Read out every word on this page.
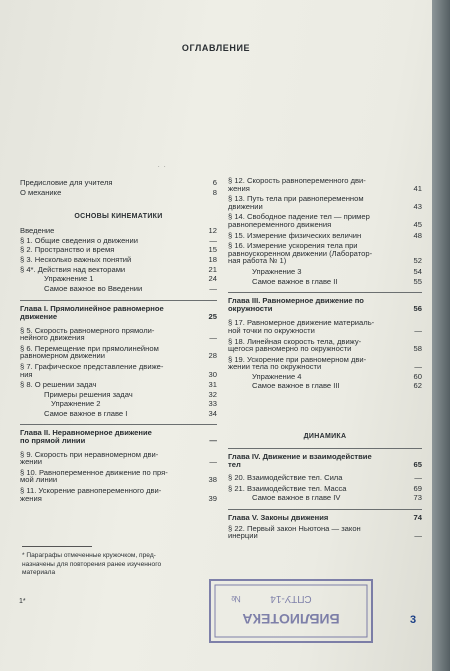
ОГЛАВЛЕНИЕ
.   .
Предисловие для учителя	6
О механике	8
ОСНОВЫ КИНЕМАТИКИ
Введение	12
§ 1. Общие сведения о движении	—
§ 2. Пространство и время	15
§ 3. Несколько важных понятий	18
§ 4*. Действия над векторами	21
Упражнение 1	24
Самое важное во Введении	—
Глава I. Прямолинейное равномерное
движение	25
§ 5. Скорость равномерного прямоли-
нейного движения	—
§ 6. Перемещение при прямолинейном
равномерном движении	28
§ 7. Графическое представление движе-
ния	30
§ 8. О решении задач	31
Примеры решения задач	32
Упражнение 2	33
Самое важное в главе I	34
Глава II. Неравномерное движение
по прямой линии	—
§ 9. Скорость при неравномерном дви-
жении	—
§ 10. Равнопеременное движение по пря-
мой линии	38
§ 11. Ускорение равнопеременного дви-
жения	39
§ 12. Скорость равнопеременного дви-
жения	41
§ 13. Путь тела при равнопеременном
движении	43
§ 14. Свободное падение тел — пример
равнопеременного движения	45
§ 15. Измерение физических величин	48
§ 16. Измерение ускорения тела при
равноускоренном движении (Лаборатор-
ная работа № 1)	52
Упражнение 3	54
Самое важное в главе II	55
Глава III. Равномерное движение по
окружности	56
§ 17. Равномерное движение материаль-
ной точки по окружности	—
§ 18. Линейная скорость тела, движу-
щегося равномерно по окружности	58
§ 19. Ускорение при равномерном дви-
жении тела по окружности	—
Упражнение 4	60
Самое важное в главе III	62
ДИНАМИКА
Глава IV. Движение и взаимодействие
тел	65
§ 20. Взаимодействие тел. Сила	—
§ 21. Взаимодействие тел. Масса	69
Самое важное в главе IV	73
Глава V. Законы движения	74
§ 22. Первый закон Ньютона — закон
инерции	—
* Параграфы отмеченные кружочком, пред-
назначены для повторения ранее изученного
материала
1*
3
БИБЛИОТЕКА
СПТУ-14
№
